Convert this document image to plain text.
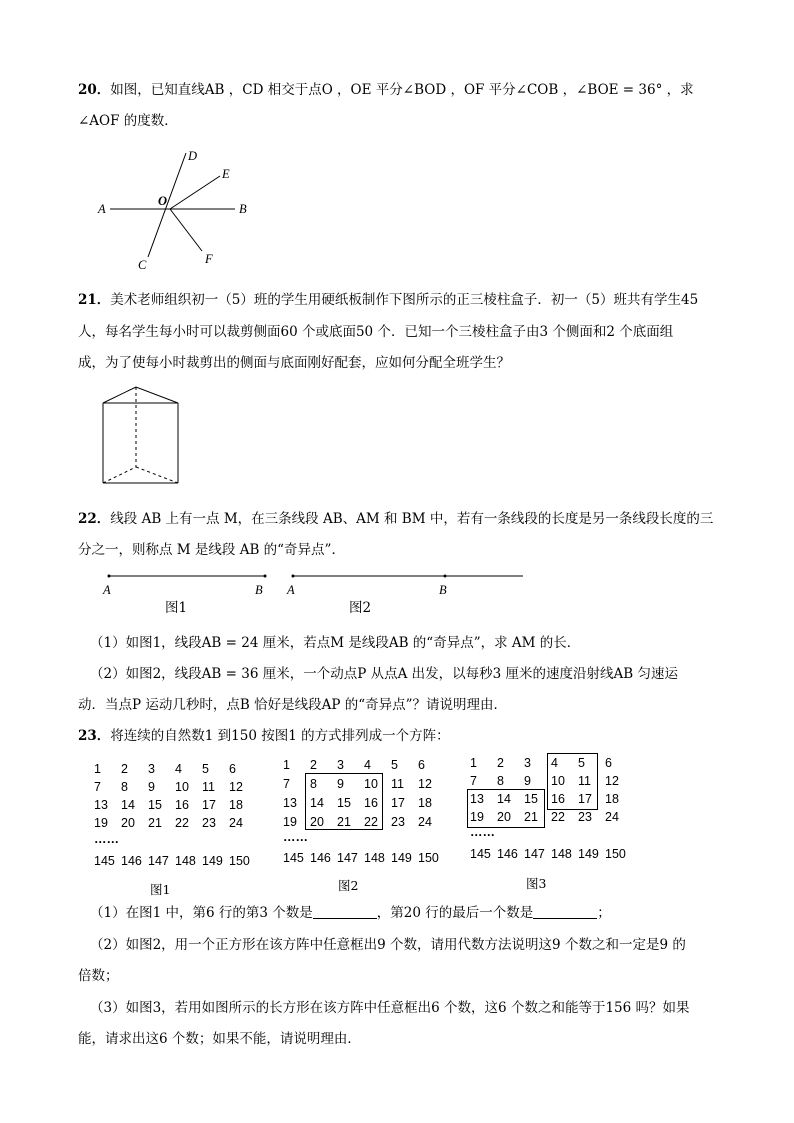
20．如图，已知直线AB ，CD 相交于点O ，OE 平分∠BOD ，OF 平分∠COB ，∠BOE = 36° ，求
∠AOF 的度数．
A	B
C
D
E
F
O
21．美术老师组织初一（5）班的学生用硬纸板制作下图所示的正三棱柱盒子．初一（5）班共有学生45
人，每名学生每小时可以裁剪侧面60 个或底面50 个．已知一个三棱柱盒子由3 个侧面和2 个底面组
成，为了使每小时裁剪出的侧面与底面刚好配套，应如何分配全班学生？
22．线段 AB 上有一点 M，在三条线段 AB、AM 和 BM 中，若有一条线段的长度是另一条线段长度的三
分之一，则称点 M 是线段 AB 的“奇异点”．
A	B A	B
图1	图2
（1）如图1，线段AB = 24 厘米，若点M 是线段AB 的“奇异点”，求 AM 的长．
（2）如图2，线段AB = 36 厘米，一个动点P 从点A 出发，以每秒3 厘米的速度沿射线AB 匀速运
动．当点P 运动几秒时，点B 恰好是线段AP 的“奇异点”？请说明理由．
23．将连续的自然数1 到150 按图1 的方式排列成一个方阵：
1	2	3	4	5	6
7	8	9	10	11	12
13	14	15	16	17	18
19	20	21	22	23	24
……
145 146 147 148 149 150
图1
1	2	3	4	5	6
7	8	9	10	11	12
13	14	15	16	17	18
19	20	21	22	23	24
……
145 146 147 148 149 150
图2
1	2	3	4	5	6
7	8	9	10	11	12
13	14	15	16	17	18
19	20	21	22	23	24
……
145 146 147 148 149 150
图3
（1）在图1 中，第6 行的第3 个数是	，第20 行的最后一个数是	；
（2）如图2，用一个正方形在该方阵中任意框出9 个数，请用代数方法说明这9 个数之和一定是9 的
倍数；
（3）如图3，若用如图所示的长方形在该方阵中任意框出6 个数，这6 个数之和能等于156 吗？如果
能，请求出这6 个数；如果不能，请说明理由．
